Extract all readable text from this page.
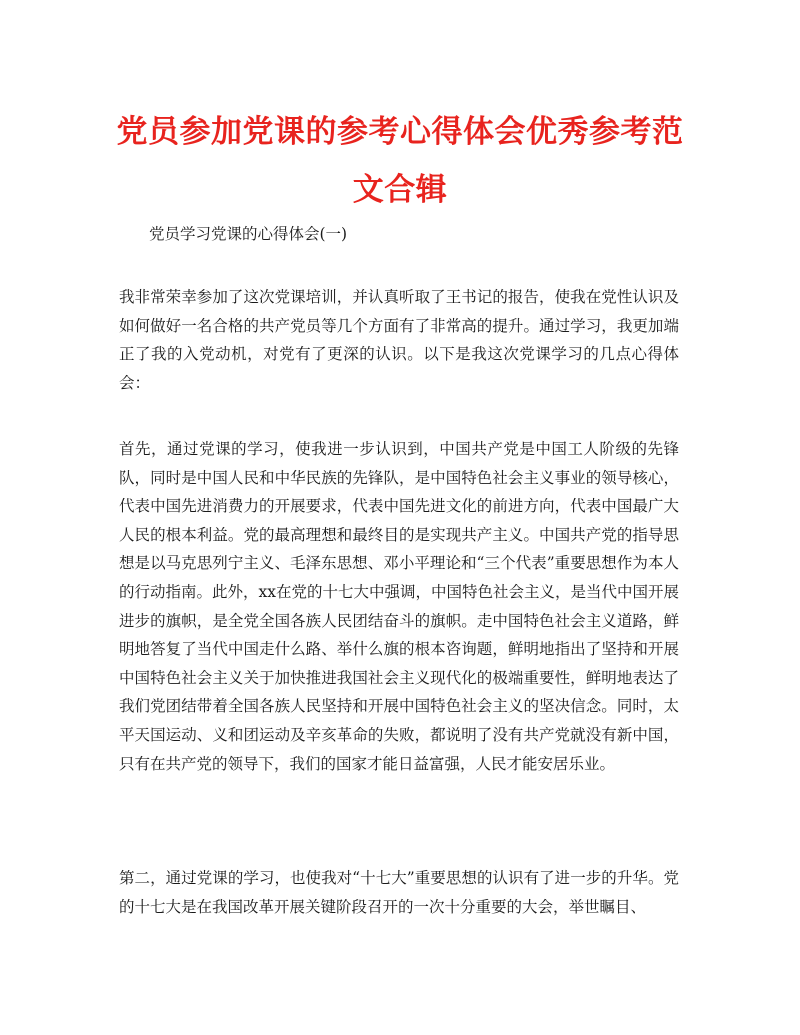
党员参加党课的参考心得体会优秀参考范文合辑

党员学习党课的心得体会(一)

我非常荣幸参加了这次党课培训，并认真听取了王书记的报告，使我在党性认识及如何做好一名合格的共产党员等几个方面有了非常高的提升。通过学习，我更加端正了我的入党动机，对党有了更深的认识。以下是我这次党课学习的几点心得体会：

首先，通过党课的学习，使我进一步认识到，中国共产党是中国工人阶级的先锋队，同时是中国人民和中华民族的先锋队，是中国特色社会主义事业的领导核心，代表中国先进消费力的开展要求，代表中国先进文化的前进方向，代表中国最广大人民的根本利益。党的最高理想和最终目的是实现共产主义。中国共产党的指导思想是以马克思列宁主义、毛泽东思想、邓小平理论和“三个代表”重要思想作为本人的行动指南。此外，xx在党的十七大中强调，中国特色社会主义，是当代中国开展进步的旗帜，是全党全国各族人民团结奋斗的旗帜。走中国特色社会主义道路，鲜明地答复了当代中国走什么路、举什么旗的根本咨询题，鲜明地指出了坚持和开展中国特色社会主义关于加快推进我国社会主义现代化的极端重要性，鲜明地表达了我们党团结带着全国各族人民坚持和开展中国特色社会主义的坚决信念。同时，太平天国运动、义和团运动及辛亥革命的失败，都说明了没有共产党就没有新中国，只有在共产党的领导下，我们的国家才能日益富强，人民才能安居乐业。

第二，通过党课的学习，也使我对“十七大”重要思想的认识有了进一步的升华。党的十七大是在我国改革开展关键阶段召开的一次十分重要的大会，举世瞩目、
